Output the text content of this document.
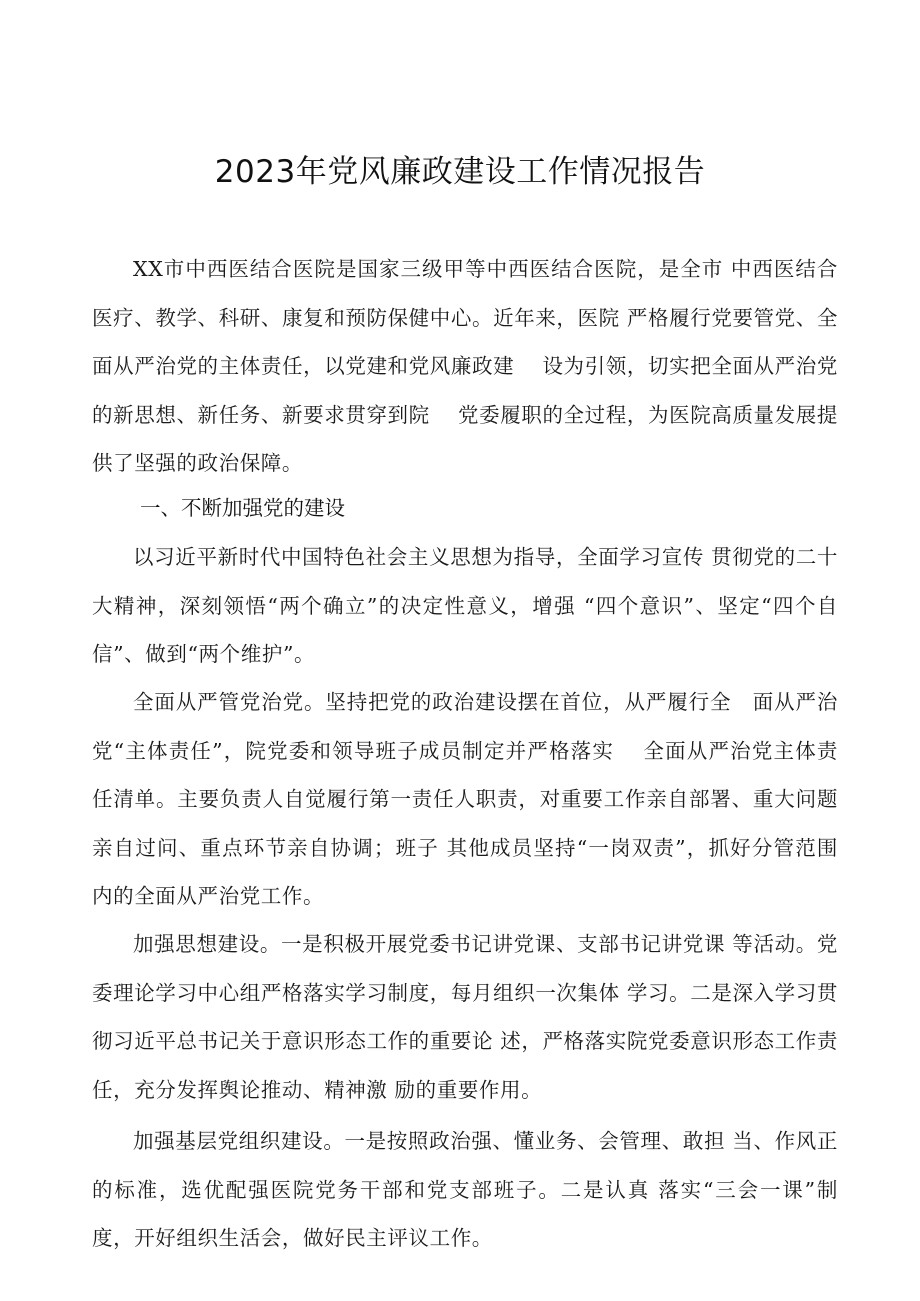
2023年党风廉政建设工作情况报告

XX市中西医结合医院是国家三级甲等中西医结合医院，是全市 中西医结合医疗、教学、科研、康复和预防保健中心。近年来，医院 严格履行党要管党、全面从严治党的主体责任，以党建和党风廉政建　 设为引领，切实把全面从严治党的新思想、新任务、新要求贯穿到院　 党委履职的全过程，为医院高质量发展提供了坚强的政治保障。

一、不断加强党的建设

以习近平新时代中国特色社会主义思想为指导，全面学习宣传 贯彻党的二十大精神，深刻领悟“两个确立”的决定性意义，增强 “四个意识”、坚定“四个自信”、做到“两个维护”。

全面从严管党治党。坚持把党的政治建设摆在首位，从严履行全　面从严治党“主体责任”，院党委和领导班子成员制定并严格落实　 全面从严治党主体责任清单。主要负责人自觉履行第一责任人职责，对重要工作亲自部署、重大问题亲自过问、重点环节亲自协调；班子 其他成员坚持“一岗双责”，抓好分管范围内的全面从严治党工作。

加强思想建设。一是积极开展党委书记讲党课、支部书记讲党课 等活动。党委理论学习中心组严格落实学习制度，每月组织一次集体 学习。二是深入学习贯彻习近平总书记关于意识形态工作的重要论 述，严格落实院党委意识形态工作责任，充分发挥舆论推动、精神激 励的重要作用。

加强基层党组织建设。一是按照政治强、懂业务、会管理、敢担 当、作风正的标准，选优配强医院党务干部和党支部班子。二是认真 落实“三会一课”制度，开好组织生活会，做好民主评议工作。
